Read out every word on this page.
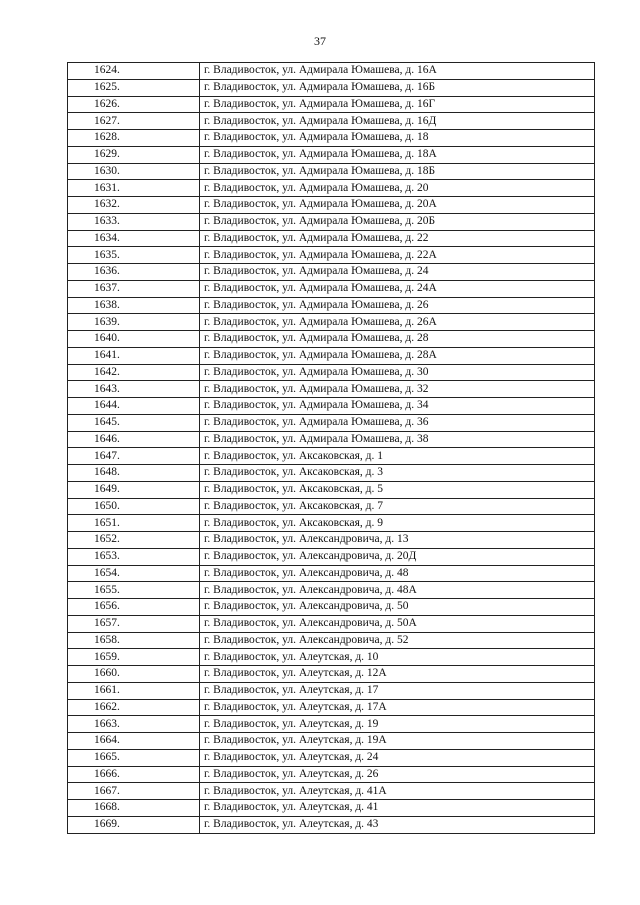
37
1624.	г. Владивосток, ул. Адмирала Юмашева, д. 16А
1625.	г. Владивосток, ул. Адмирала Юмашева, д. 16Б
1626.	г. Владивосток, ул. Адмирала Юмашева, д. 16Г
1627.	г. Владивосток, ул. Адмирала Юмашева, д. 16Д
1628.	г. Владивосток, ул. Адмирала Юмашева, д. 18
1629.	г. Владивосток, ул. Адмирала Юмашева, д. 18А
1630.	г. Владивосток, ул. Адмирала Юмашева, д. 18Б
1631.	г. Владивосток, ул. Адмирала Юмашева, д. 20
1632.	г. Владивосток, ул. Адмирала Юмашева, д. 20А
1633.	г. Владивосток, ул. Адмирала Юмашева, д. 20Б
1634.	г. Владивосток, ул. Адмирала Юмашева, д. 22
1635.	г. Владивосток, ул. Адмирала Юмашева, д. 22А
1636.	г. Владивосток, ул. Адмирала Юмашева, д. 24
1637.	г. Владивосток, ул. Адмирала Юмашева, д. 24А
1638.	г. Владивосток, ул. Адмирала Юмашева, д. 26
1639.	г. Владивосток, ул. Адмирала Юмашева, д. 26А
1640.	г. Владивосток, ул. Адмирала Юмашева, д. 28
1641.	г. Владивосток, ул. Адмирала Юмашева, д. 28А
1642.	г. Владивосток, ул. Адмирала Юмашева, д. 30
1643.	г. Владивосток, ул. Адмирала Юмашева, д. 32
1644.	г. Владивосток, ул. Адмирала Юмашева, д. 34
1645.	г. Владивосток, ул. Адмирала Юмашева, д. 36
1646.	г. Владивосток, ул. Адмирала Юмашева, д. 38
1647.	г. Владивосток, ул. Аксаковская, д. 1
1648.	г. Владивосток, ул. Аксаковская, д. 3
1649.	г. Владивосток, ул. Аксаковская, д. 5
1650.	г. Владивосток, ул. Аксаковская, д. 7
1651.	г. Владивосток, ул. Аксаковская, д. 9
1652.	г. Владивосток, ул. Александровича, д. 13
1653.	г. Владивосток, ул. Александровича, д. 20Д
1654.	г. Владивосток, ул. Александровича, д. 48
1655.	г. Владивосток, ул. Александровича, д. 48А
1656.	г. Владивосток, ул. Александровича, д. 50
1657.	г. Владивосток, ул. Александровича, д. 50А
1658.	г. Владивосток, ул. Александровича, д. 52
1659.	г. Владивосток, ул. Алеутская, д. 10
1660.	г. Владивосток, ул. Алеутская, д. 12А
1661.	г. Владивосток, ул. Алеутская, д. 17
1662.	г. Владивосток, ул. Алеутская, д. 17А
1663.	г. Владивосток, ул. Алеутская, д. 19
1664.	г. Владивосток, ул. Алеутская, д. 19А
1665.	г. Владивосток, ул. Алеутская, д. 24
1666.	г. Владивосток, ул. Алеутская, д. 26
1667.	г. Владивосток, ул. Алеутская, д. 41А
1668.	г. Владивосток, ул. Алеутская, д. 41
1669.	г. Владивосток, ул. Алеутская, д. 43
